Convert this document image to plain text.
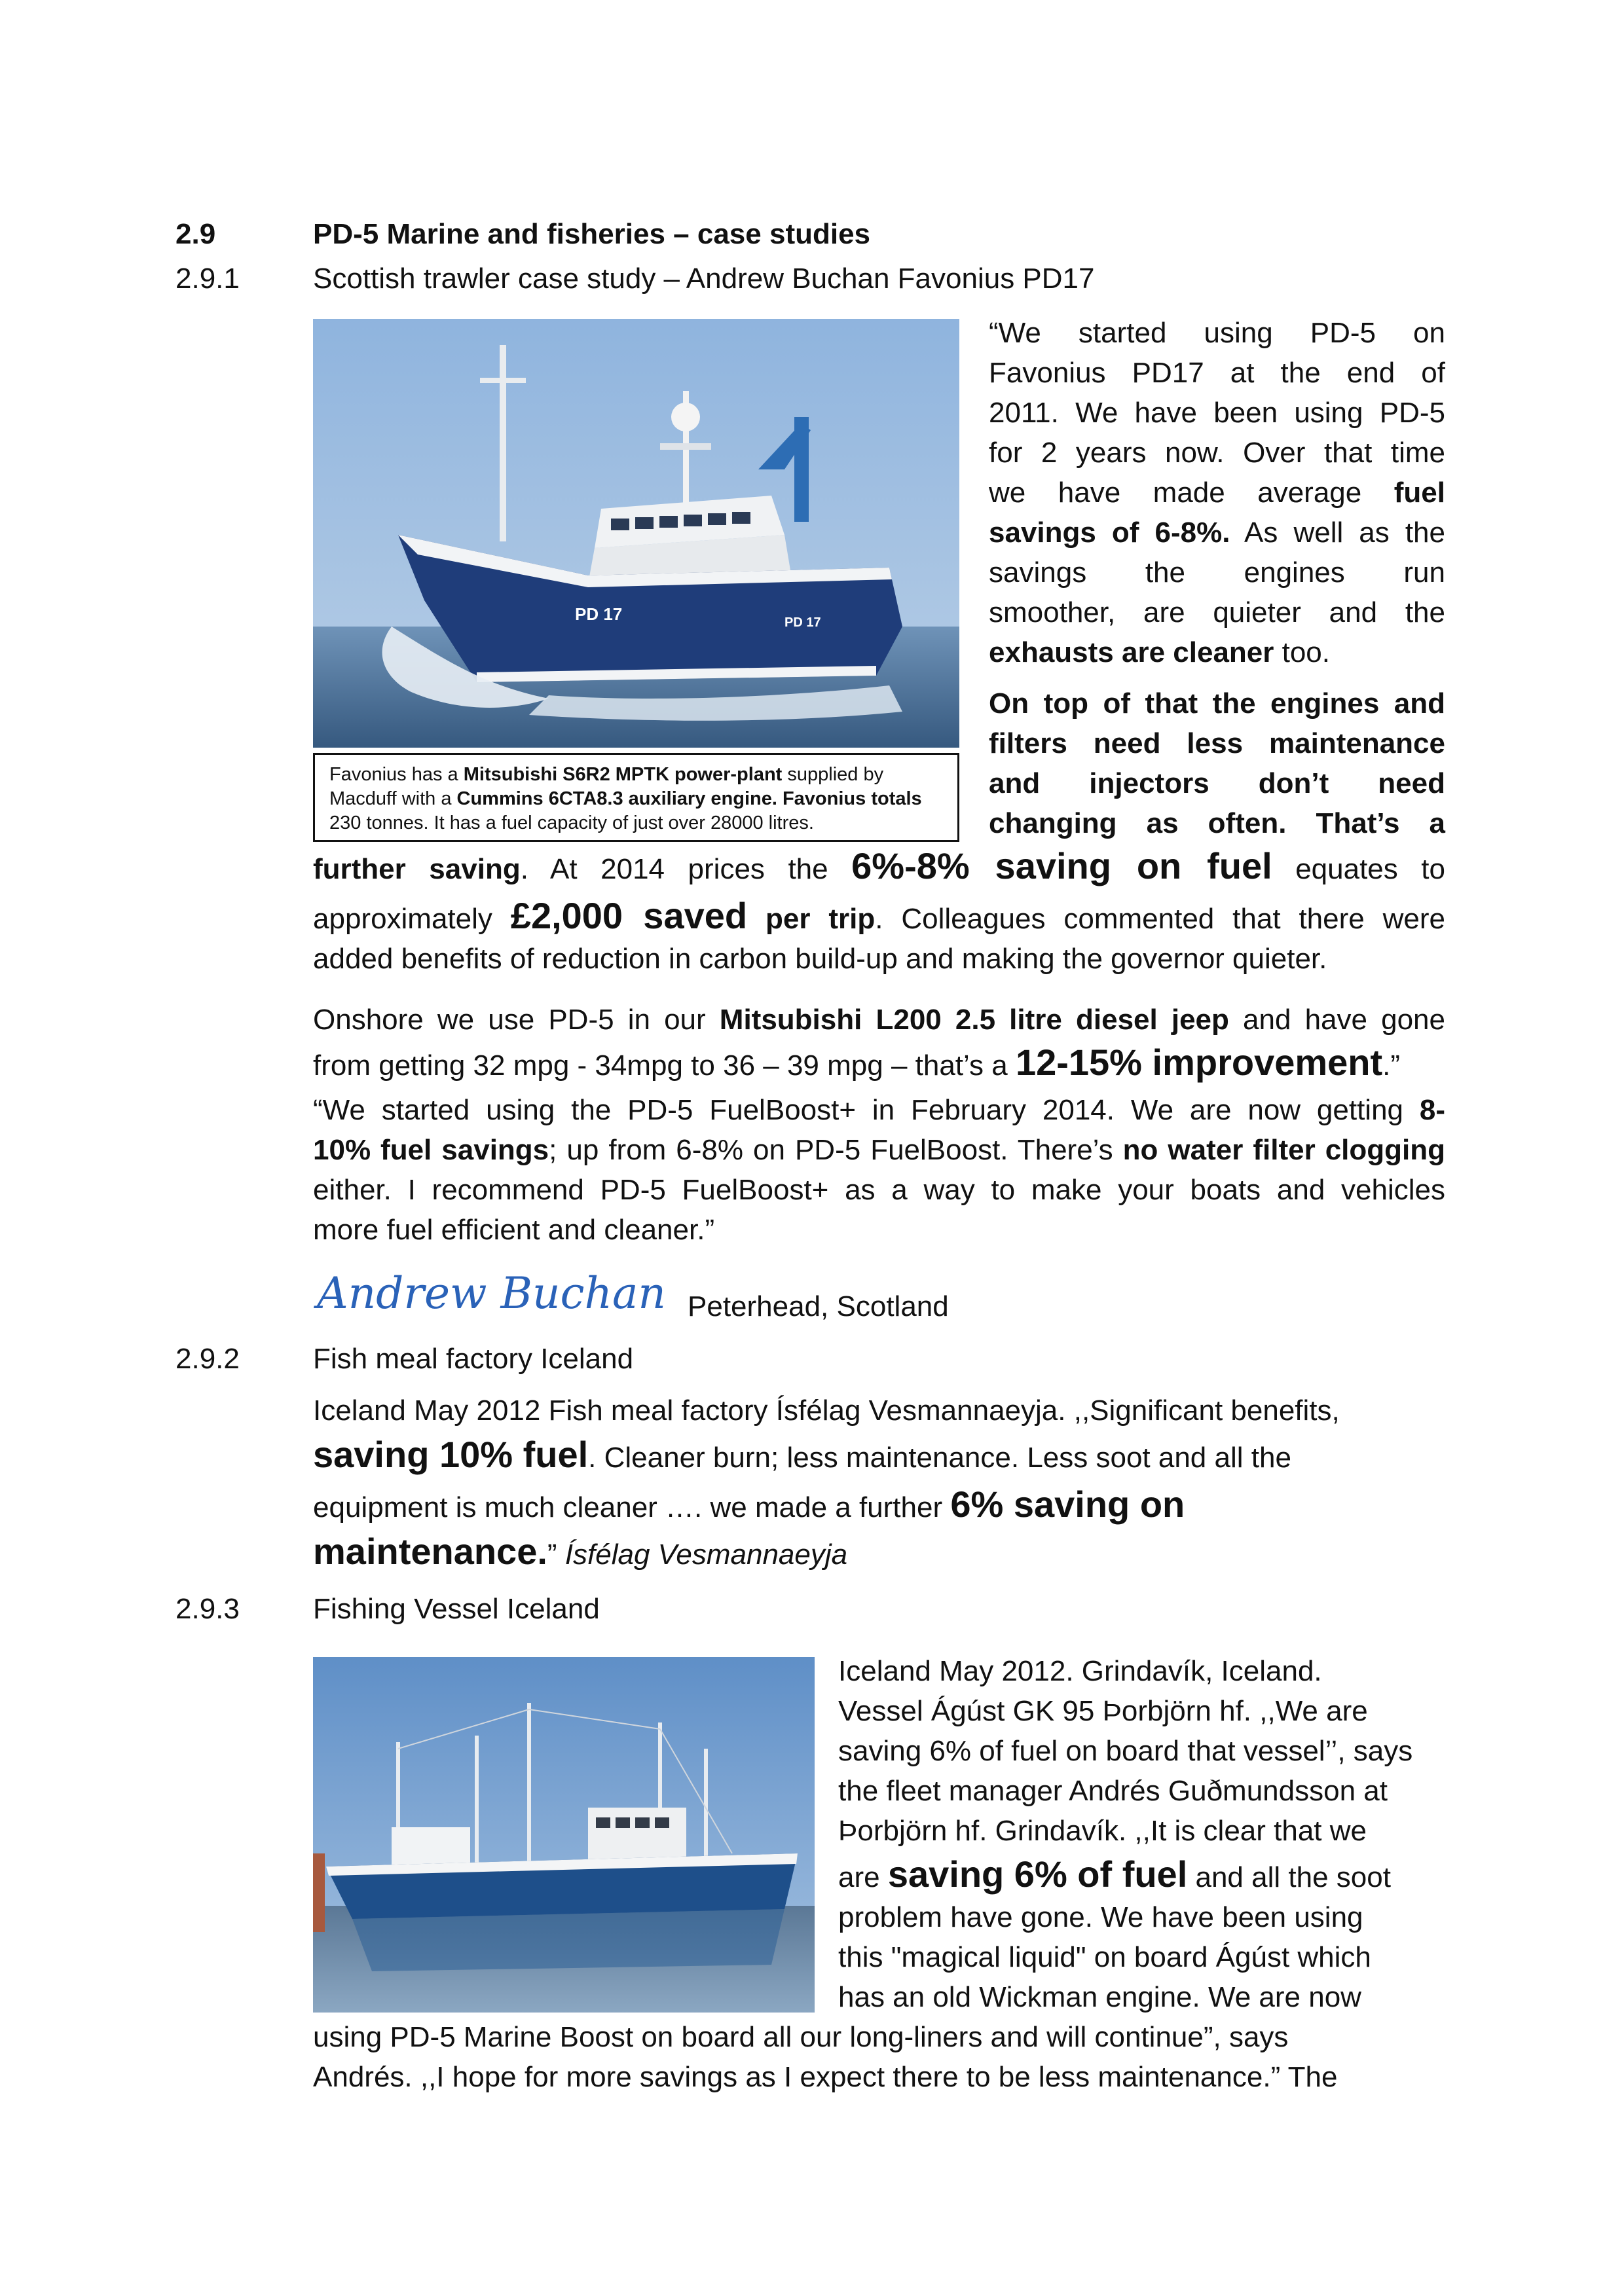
2.9	PD-5 Marine and fisheries – case studies
2.9.1	Scottish trawler case study – Andrew Buchan Favonius PD17
PD 17	PD 17
Favonius has a Mitsubishi S6R2 MPTK power-plant supplied by
Macduff with a Cummins 6CTA8.3 auxiliary engine. Favonius totals
230 tonnes. It has a fuel capacity of just over 28000 litres.
“We started using PD-5 on
Favonius PD17 at the end of
2011. We have been using PD-5
for 2 years now. Over that time
we have made average fuel
savings of 6-8%. As well as the
savings the engines run
smoother, are quieter and the
exhausts are cleaner too.
On top of that the engines and
filters need less maintenance
and injectors don’t need
changing as often. That’s a
further saving. At 2014 prices the 6%-8% saving on fuel equates to
approximately £2,000 saved per trip. Colleagues commented that there were
added benefits of reduction in carbon build-up and making the governor quieter.
Onshore we use PD-5 in our Mitsubishi L200 2.5 litre diesel jeep and have gone
from getting 32 mpg - 34mpg to 36 – 39 mpg – that’s a 12-15% improvement.”
“We started using the PD-5 FuelBoost+ in February 2014. We are now getting 8-
10% fuel savings; up from 6-8% on PD-5 FuelBoost. There’s no water filter clogging
either. I recommend PD-5 FuelBoost+ as a way to make your boats and vehicles
more fuel efficient and cleaner.”
Andrew Buchan Peterhead, Scotland
2.9.2	Fish meal factory Iceland
Iceland May 2012 Fish meal factory Ísfélag Vesmannaeyja. ,,Significant benefits,
saving 10% fuel. Cleaner burn; less maintenance. Less soot and all the
equipment is much cleaner …. we made a further 6% saving on
maintenance.” Ísfélag Vesmannaeyja
2.9.3	Fishing Vessel Iceland
Iceland May 2012. Grindavík, Iceland.
Vessel Ágúst GK 95 Þorbjörn hf. ,,We are
saving 6% of fuel on board that vessel’’, says
the fleet manager Andrés Guðmundsson at
Þorbjörn hf. Grindavík. ,,It is clear that we
are saving 6% of fuel and all the soot
problem have gone. We have been using
this "magical liquid" on board Ágúst which
has an old Wickman engine. We are now
using PD-5 Marine Boost on board all our long-liners and will continue”, says
Andrés. ,,I hope for more savings as I expect there to be less maintenance.” The
